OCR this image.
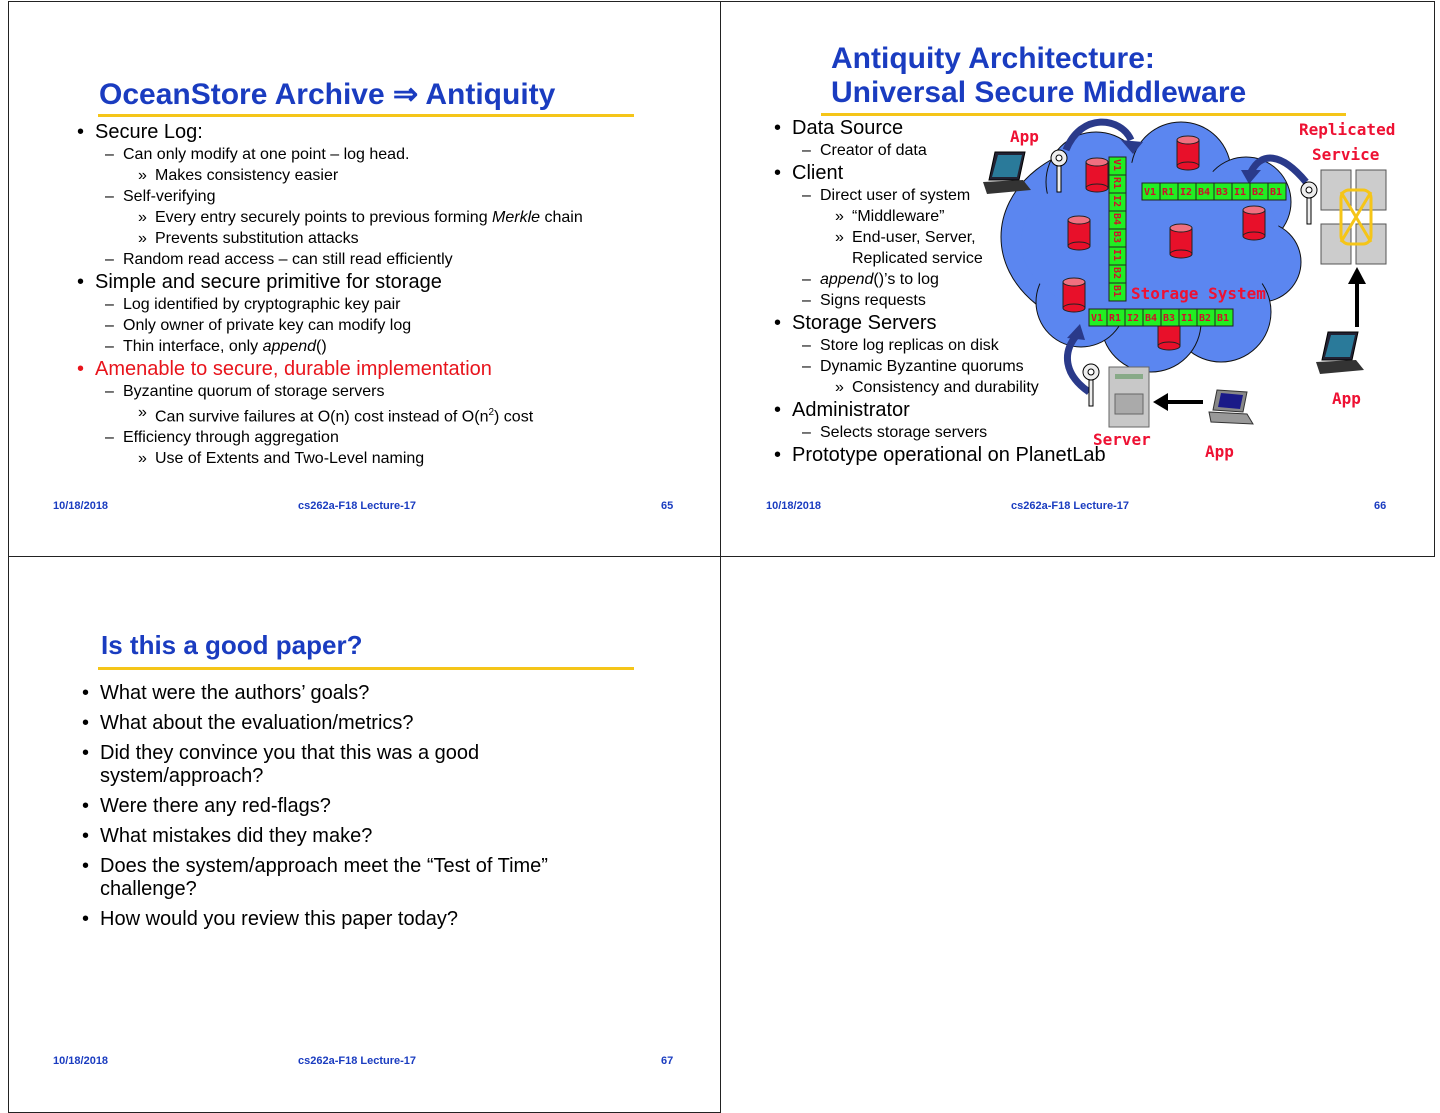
OceanStore Archive ⇒ Antiquity
• Secure Log:
– Can only modify at one point – log head.
» Makes consistency easier
– Self-verifying
» Every entry securely points to previous forming Merkle chain
» Prevents substitution attacks
– Random read access – can still read efficiently
• Simple and secure primitive for storage
– Log identified by cryptographic key pair
– Only owner of private key can modify log
– Thin interface, only append()
• Amenable to secure, durable implementation
– Byzantine quorum of storage servers
» Can survive failures at O(n) cost instead of $O(n^2)$ cost
– Efficiency through aggregation
» Use of Extents and Two-Level naming
10/18/2018	cs262a-F18 Lecture-17	65
Antiquity Architecture:
Universal Secure Middleware
• Data Source
– Creator of data
• Client
– Direct user of system
» “Middleware”
» End-user, Server,
Replicated service
– append()’s to log
– Signs requests
• Storage Servers
– Store log replicas on disk
– Dynamic Byzantine quorums
» Consistency and durability
• Administrator
– Selects storage servers
• Prototype operational on PlanetLab
V1
R1
I2
B4
B3
I1
B2
B1
V1 R1 I2 B4 B3 I1 B2 B1
V1 R1 I2 B4 B3 I1 B2 B1
App	Replicated
Service
Storage System
Server
App
App
10/18/2018	cs262a-F18 Lecture-17	66
Is this a good paper?
• What were the authors’ goals?
• What about the evaluation/metrics?
• Did they convince you that this was a good system/approach?
• Were there any red-flags?
• What mistakes did they make?
• Does the system/approach meet the “Test of Time” challenge?
• How would you review this paper today?
10/18/2018	cs262a-F18 Lecture-17	67
